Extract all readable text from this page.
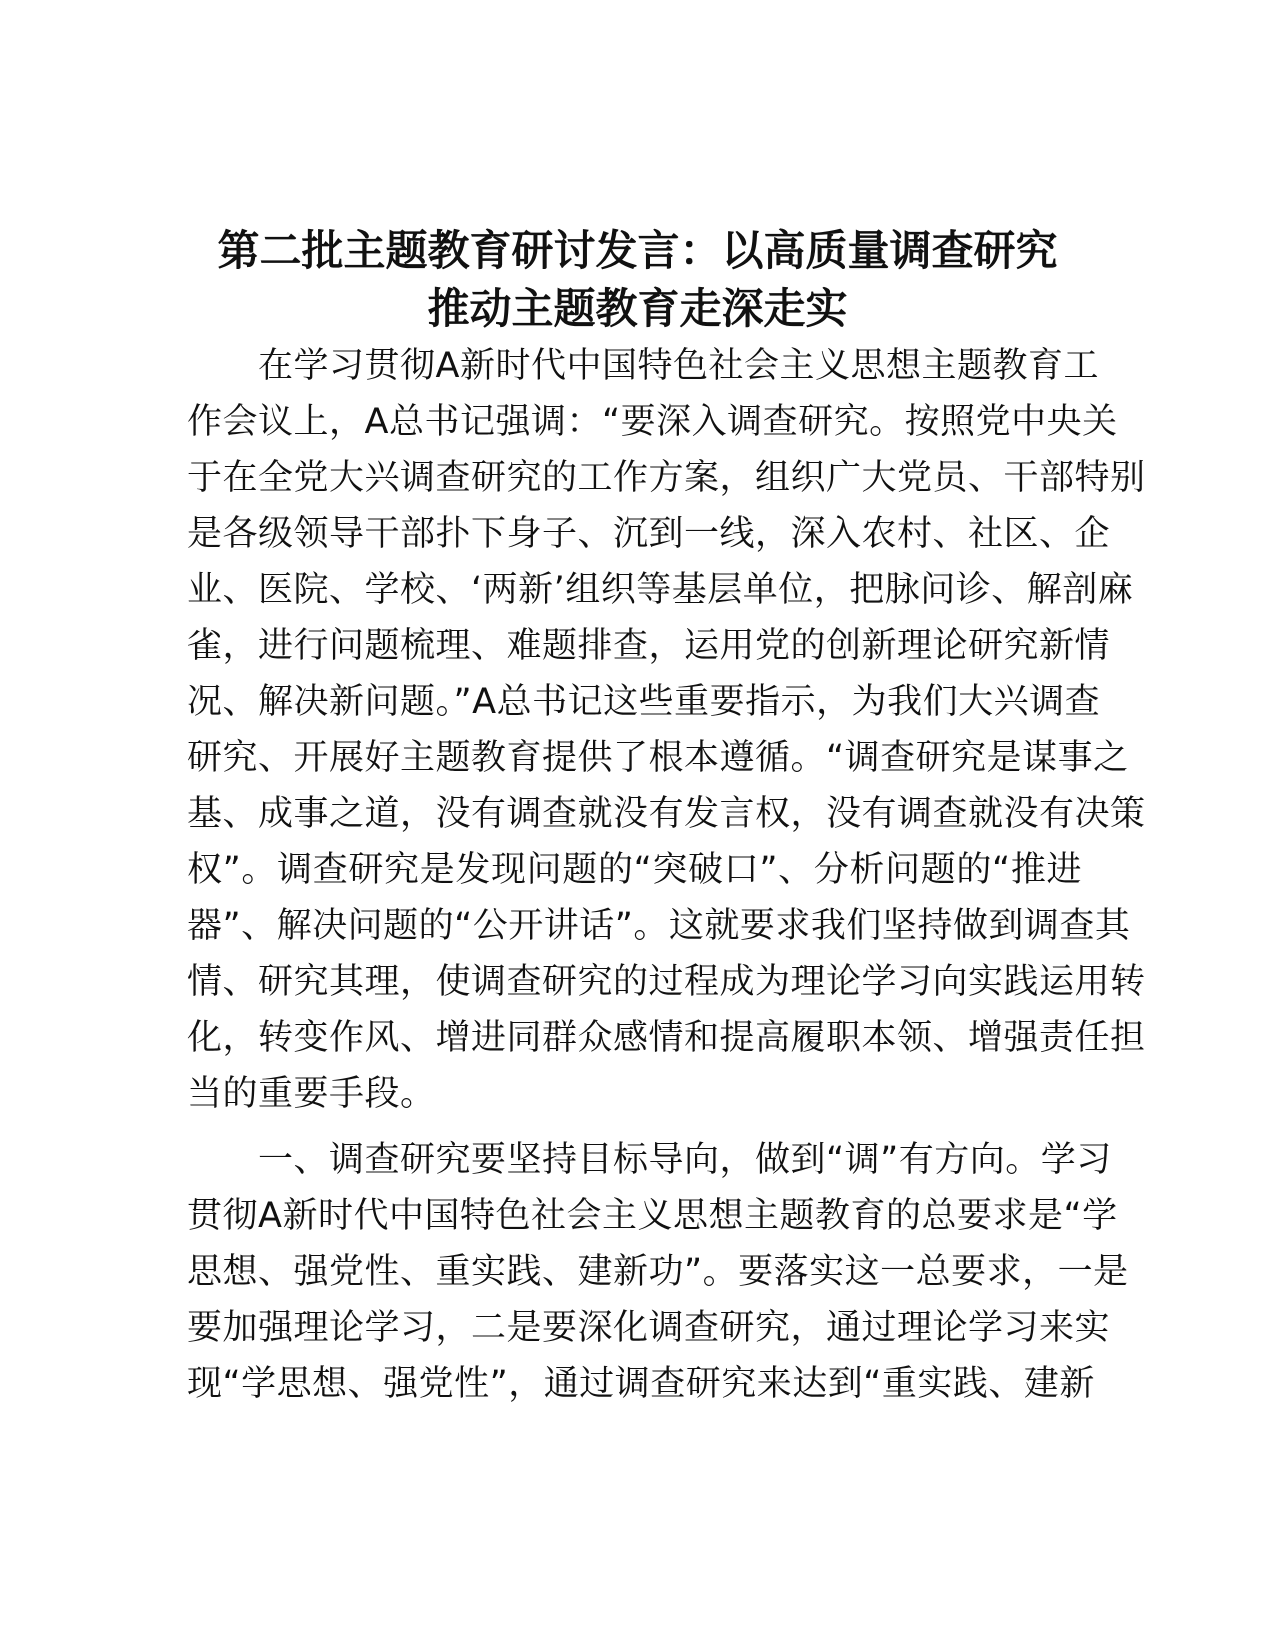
第二批主题教育研讨发言：以高质量调查研究
推动主题教育走深走实
　　在学习贯彻A新时代中国特色社会主义思想主题教育工
作会议上，A总书记强调：“要深入调查研究。按照党中央关
于在全党大兴调查研究的工作方案，组织广大党员、干部特别
是各级领导干部扑下身子、沉到一线，深入农村、社区、企
业、医院、学校、‘两新’组织等基层单位，把脉问诊、解剖麻
雀，进行问题梳理、难题排查，运用党的创新理论研究新情
况、解决新问题。”A总书记这些重要指示，为我们大兴调查
研究、开展好主题教育提供了根本遵循。“调查研究是谋事之
基、成事之道，没有调查就没有发言权，没有调查就没有决策
权”。调查研究是发现问题的“突破口”、分析问题的“推进
器”、解决问题的“公开讲话”。这就要求我们坚持做到调查其
情、研究其理，使调查研究的过程成为理论学习向实践运用转
化，转变作风、增进同群众感情和提高履职本领、增强责任担
当的重要手段。
　　一、调查研究要坚持目标导向，做到“调”有方向。学习
贯彻A新时代中国特色社会主义思想主题教育的总要求是“学
思想、强党性、重实践、建新功”。要落实这一总要求，一是
要加强理论学习，二是要深化调查研究，通过理论学习来实
现“学思想、强党性”，通过调查研究来达到“重实践、建新
